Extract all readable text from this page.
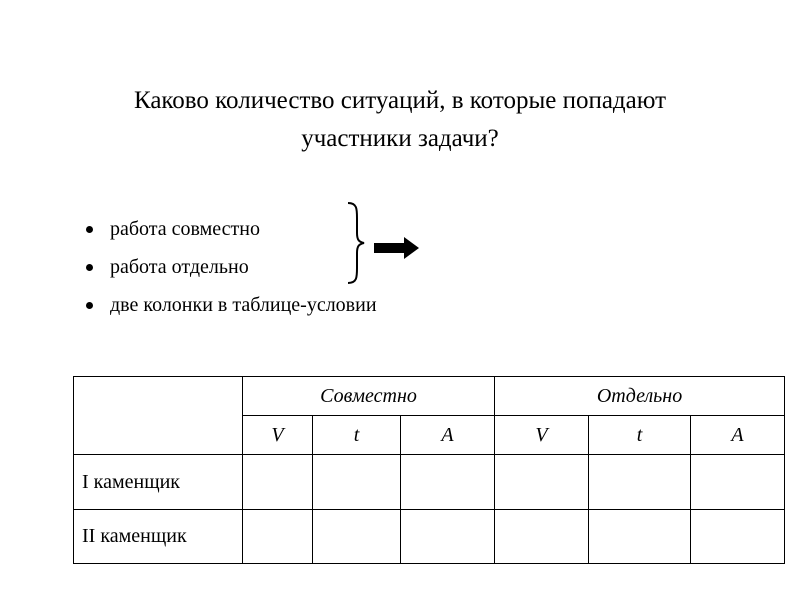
Каково количество ситуаций, в которые попадают
участники задачи?
работа совместно
работа отдельно
две колонки в таблице-условии
	Совместно			Отдельно		
	V	t	A	V	t	A
I каменщик						
II каменщик						
